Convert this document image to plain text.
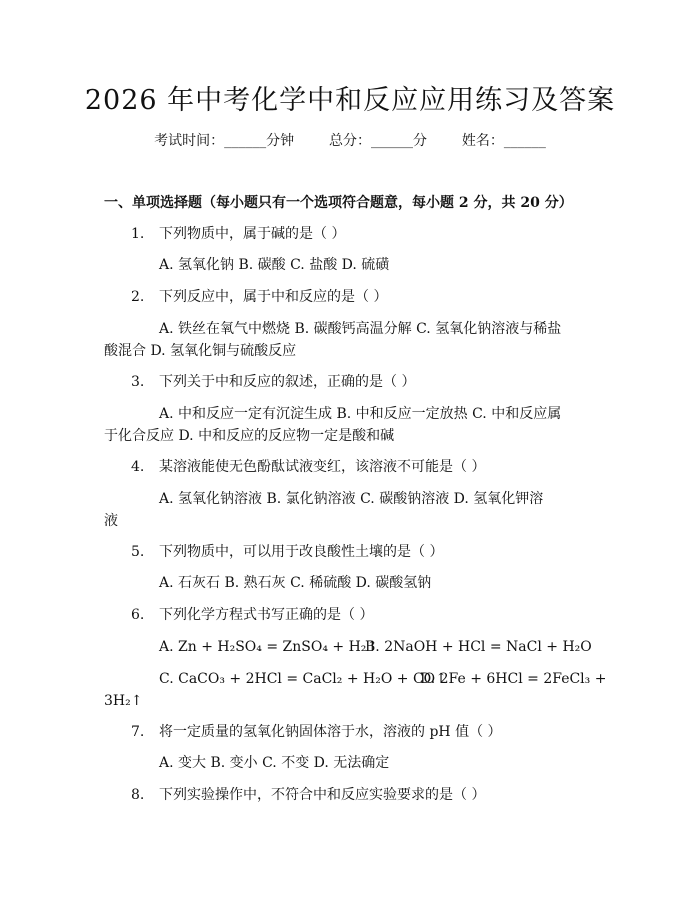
2026 年中考化学中和反应应用练习及答案
考试时间：______分钟 总分：______分 姓名：______
一、单项选择题（每小题只有一个选项符合题意，每小题 2 分，共 20 分）
1. 下列物质中，属于碱的是（ ）
A. 氢氧化钠 B. 碳酸 C. 盐酸 D. 硫磺
2. 下列反应中，属于中和反应的是（ ）
A. 铁丝在氧气中燃烧 B. 碳酸钙高温分解 C. 氢氧化钠溶液与稀盐
酸混合 D. 氢氧化铜与硫酸反应
3. 下列关于中和反应的叙述，正确的是（ ）
A. 中和反应一定有沉淀生成 B. 中和反应一定放热 C. 中和反应属
于化合反应 D. 中和反应的反应物一定是酸和碱
4. 某溶液能使无色酚酞试液变红，该溶液不可能是（ ）
A. 氢氧化钠溶液 B. 氯化钠溶液 C. 碳酸钠溶液 D. 氢氧化钾溶
液
5. 下列物质中，可以用于改良酸性土壤的是（ ）
A. 石灰石 B. 熟石灰 C. 稀硫酸 D. 碳酸氢钠
6. 下列化学方程式书写正确的是（ ）
A. Zn + H₂SO₄ = ZnSO₄ + H₂↑
B. 2NaOH + HCl = NaCl + H₂O
C. CaCO₃ + 2HCl = CaCl₂ + H₂O + CO↑
D. 2Fe + 6HCl = 2FeCl₃ +
3H₂↑
7. 将一定质量的氢氧化钠固体溶于水，溶液的 pH 值（ ）
A. 变大 B. 变小 C. 不变 D. 无法确定
8. 下列实验操作中，不符合中和反应实验要求的是（ ）
